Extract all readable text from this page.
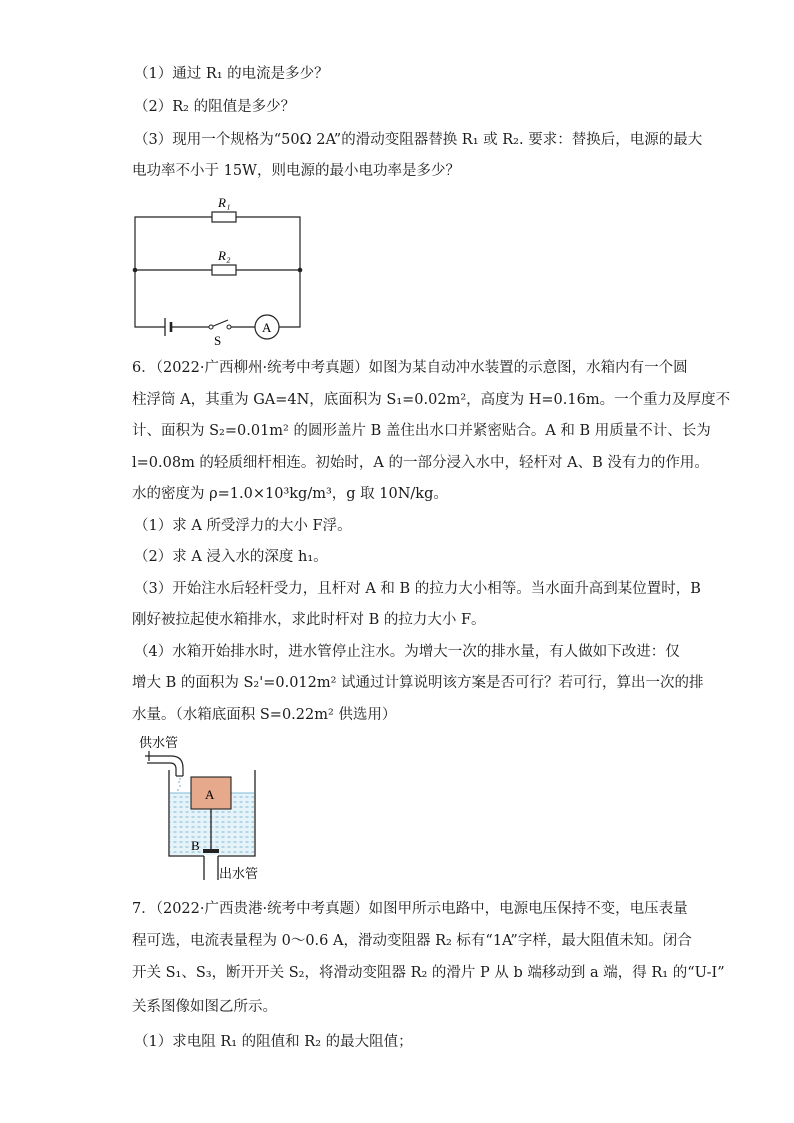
（1）通过 R₁ 的电流是多少？
（2）R₂ 的阻值是多少？
（3）现用一个规格为“50Ω 2A”的滑动变阻器替换 R₁ 或 R₂. 要求：替换后，电源的最大
电功率不小于 15W，则电源的最小电功率是多少？
R₁
R₂
S
A
6．（2022·广西柳州·统考中考真题）如图为某自动冲水装置的示意图，水箱内有一个圆
柱浮筒 A，其重为 GA=4N，底面积为 S₁=0.02m²，高度为 H=0.16m。一个重力及厚度不
计、面积为 S₂=0.01m² 的圆形盖片 B 盖住出水口并紧密贴合。A 和 B 用质量不计、长为
l=0.08m 的轻质细杆相连。初始时，A 的一部分浸入水中，轻杆对 A、B 没有力的作用。
水的密度为 ρ=1.0×10³kg/m³，g 取 10N/kg。
（1）求 A 所受浮力的大小 F浮。
（2）求 A 浸入水的深度 h₁。
（3）开始注水后轻杆受力，且杆对 A 和 B 的拉力大小相等。当水面升高到某位置时，B
刚好被拉起使水箱排水，求此时杆对 B 的拉力大小 F。
（4）水箱开始排水时，进水管停止注水。为增大一次的排水量，有人做如下改进：仅
增大 B 的面积为 S₂'=0.012m² 试通过计算说明该方案是否可行？若可行，算出一次的排
水量。（水箱底面积 S=0.22m² 供选用）
供水管
A
B
出水管
7．（2022·广西贵港·统考中考真题）如图甲所示电路中，电源电压保持不变，电压表量
程可选，电流表量程为 0～0.6 A，滑动变阻器 R₂ 标有“1A”字样，最大阻值未知。闭合
开关 S₁、S₃，断开开关 S₂，将滑动变阻器 R₂ 的滑片 P 从 b 端移动到 a 端，得 R₁ 的“U-I”
关系图像如图乙所示。
（1）求电阻 R₁ 的阻值和 R₂ 的最大阻值；
